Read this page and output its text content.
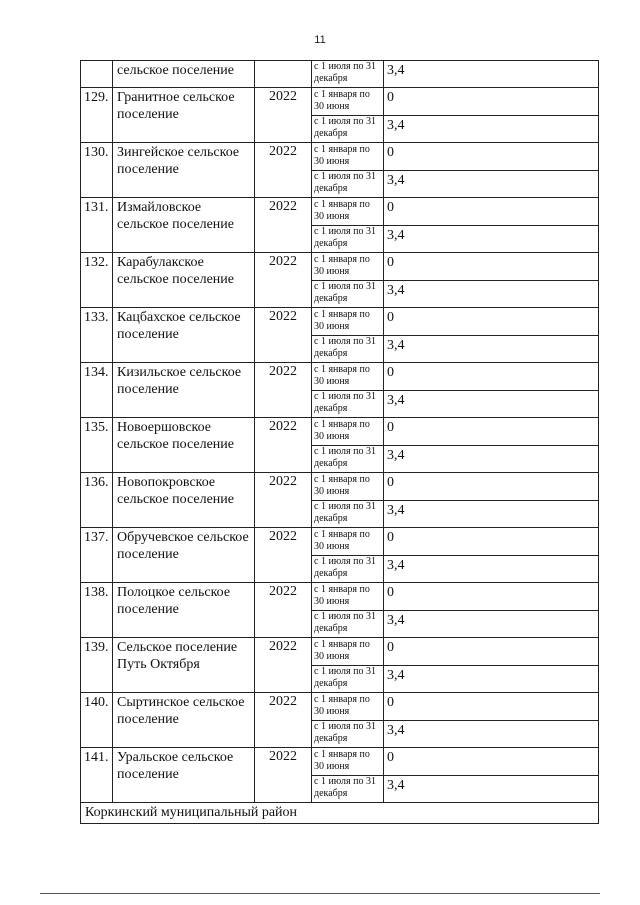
11
	сельское поселение		с 1 июля по 31 декабря	3,4
129.	Гранитное сельское поселение	2022	с 1 января по 30 июня	0
			с 1 июля по 31 декабря	3,4
130.	Зингейское сельское поселение	2022	с 1 января по 30 июня	0
			с 1 июля по 31 декабря	3,4
131.	Измайловское сельское поселение	2022	с 1 января по 30 июня	0
			с 1 июля по 31 декабря	3,4
132.	Карабулакское сельское поселение	2022	с 1 января по 30 июня	0
			с 1 июля по 31 декабря	3,4
133.	Кацбахское сельское поселение	2022	с 1 января по 30 июня	0
			с 1 июля по 31 декабря	3,4
134.	Кизильское сельское поселение	2022	с 1 января по 30 июня	0
			с 1 июля по 31 декабря	3,4
135.	Новоершовское сельское поселение	2022	с 1 января по 30 июня	0
			с 1 июля по 31 декабря	3,4
136.	Новопокровское сельское поселение	2022	с 1 января по 30 июня	0
			с 1 июля по 31 декабря	3,4
137.	Обручевское сельское поселение	2022	с 1 января по 30 июня	0
			с 1 июля по 31 декабря	3,4
138.	Полоцкое сельское поселение	2022	с 1 января по 30 июня	0
			с 1 июля по 31 декабря	3,4
139.	Сельское поселение Путь Октября	2022	с 1 января по 30 июня	0
			с 1 июля по 31 декабря	3,4
140.	Сыртинское сельское поселение	2022	с 1 января по 30 июня	0
			с 1 июля по 31 декабря	3,4
141.	Уральское сельское поселение	2022	с 1 января по 30 июня	0
			с 1 июля по 31 декабря	3,4
Коркинский муниципальный район				
